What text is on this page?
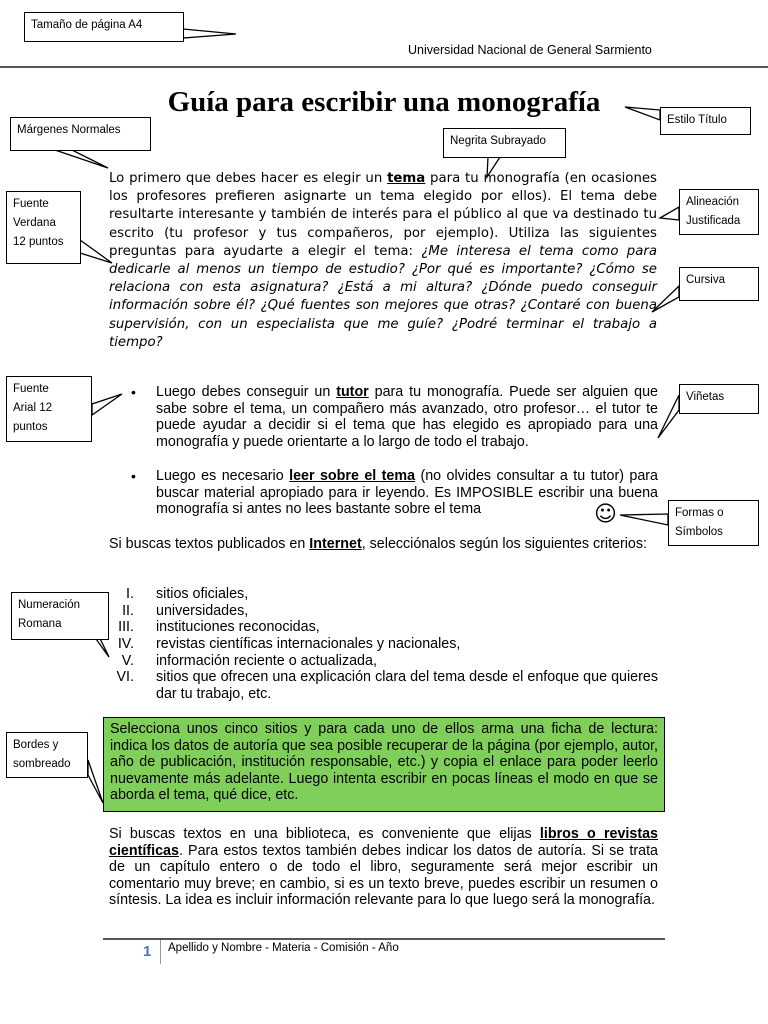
Tamaño de página A4
Márgenes Normales
Negrita Subrayado
Estilo Título
Fuente
Verdana
12 puntos
Alineación
Justificada
Cursiva
Fuente
Arial 12
puntos
Viñetas
Formas o
Símbolos
Numeración
Romana
Bordes y
sombreado
Universidad Nacional de General Sarmiento
Guía para escribir una monografía
Lo primero que debes hacer es elegir un tema para tu monografía (en ocasiones los profesores prefieren asignarte un tema elegido por ellos). El tema debe resultarte interesante y también de interés para el público al que va destinado tu escrito (tu profesor y tus compañeros, por ejemplo). Utiliza las siguientes preguntas para ayudarte a elegir el tema: ¿Me interesa el tema como para dedicarle al menos un tiempo de estudio? ¿Por qué es importante? ¿Cómo se relaciona con esta asignatura? ¿Está a mi altura? ¿Dónde puedo conseguir información sobre él? ¿Qué fuentes son mejores que otras? ¿Contaré con buena supervisión, con un especialista que me guíe? ¿Podré terminar el trabajo a tiempo?
• Luego debes conseguir un tutor para tu monografía. Puede ser alguien que sabe sobre el tema, un compañero más avanzado, otro profesor… el tutor te puede ayudar a decidir si el tema que has elegido es apropiado para una monografía y puede orientarte a lo largo de todo el trabajo.
• Luego es necesario leer sobre el tema (no olvides consultar a tu tutor) para buscar material apropiado para ir leyendo. Es IMPOSIBLE escribir una buena monografía si antes no lees bastante sobre el tema	☺
Si buscas textos publicados en Internet, selecciónalos según los siguientes criterios:
I. sitios oficiales,
II. universidades,
III. instituciones reconocidas,
IV. revistas científicas internacionales y nacionales,
V. información reciente o actualizada,
VI. sitios que ofrecen una explicación clara del tema desde el enfoque que quieres dar tu trabajo, etc.
Selecciona unos cinco sitios y para cada uno de ellos arma una ficha de lectura: indica los datos de autoría que sea posible recuperar de la página (por ejemplo, autor, año de publicación, institución responsable, etc.) y copia el enlace para poder leerlo nuevamente más adelante. Luego intenta escribir en pocas líneas el modo en que se aborda el tema, qué dice, etc.
Si buscas textos en una biblioteca, es conveniente que elijas libros o revistas científicas. Para estos textos también debes indicar los datos de autoría. Si se trata de un capítulo entero o de todo el libro, seguramente será mejor escribir un comentario muy breve; en cambio, si es un texto breve, puedes escribir un resumen o síntesis. La idea es incluir información relevante para lo que luego será la monografía.
1 Apellido y Nombre - Materia - Comisión - Año
